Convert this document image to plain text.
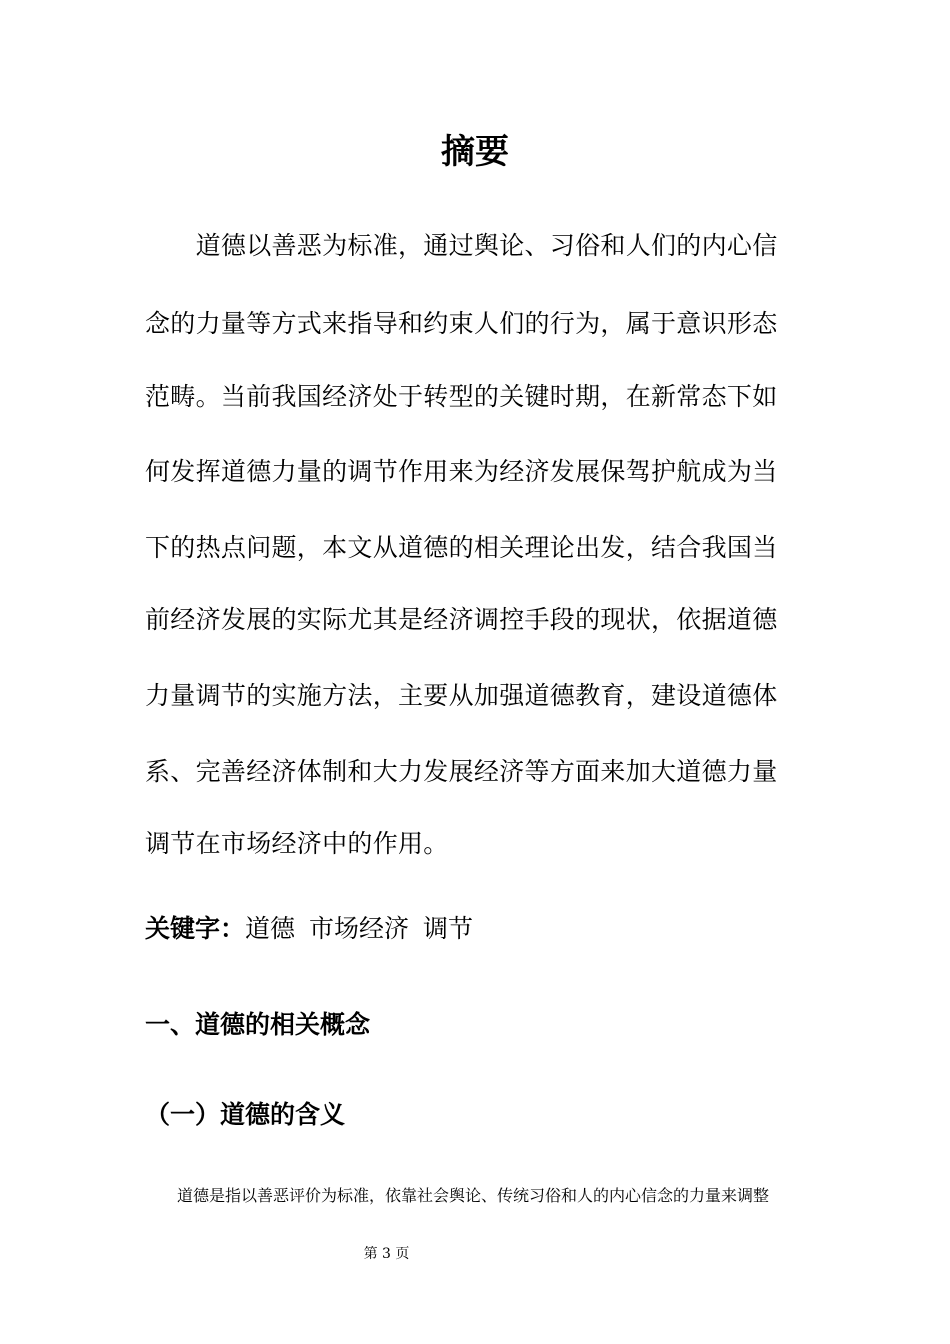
摘要
　　道德以善恶为标准，通过舆论、习俗和人们的内心信
念的力量等方式来指导和约束人们的行为，属于意识形态
范畴。当前我国经济处于转型的关键时期，在新常态下如
何发挥道德力量的调节作用来为经济发展保驾护航成为当
下的热点问题，本文从道德的相关理论出发，结合我国当
前经济发展的实际尤其是经济调控手段的现状，依据道德
力量调节的实施方法，主要从加强道德教育，建设道德体
系、完善经济体制和大力发展经济等方面来加大道德力量
调节在市场经济中的作用。
关键字：道德 市场经济 调节
一、道德的相关概念
（一）道德的含义
道德是指以善恶评价为标准，依靠社会舆论、传统习俗和人的内心信念的力量来调整
第 3 页
